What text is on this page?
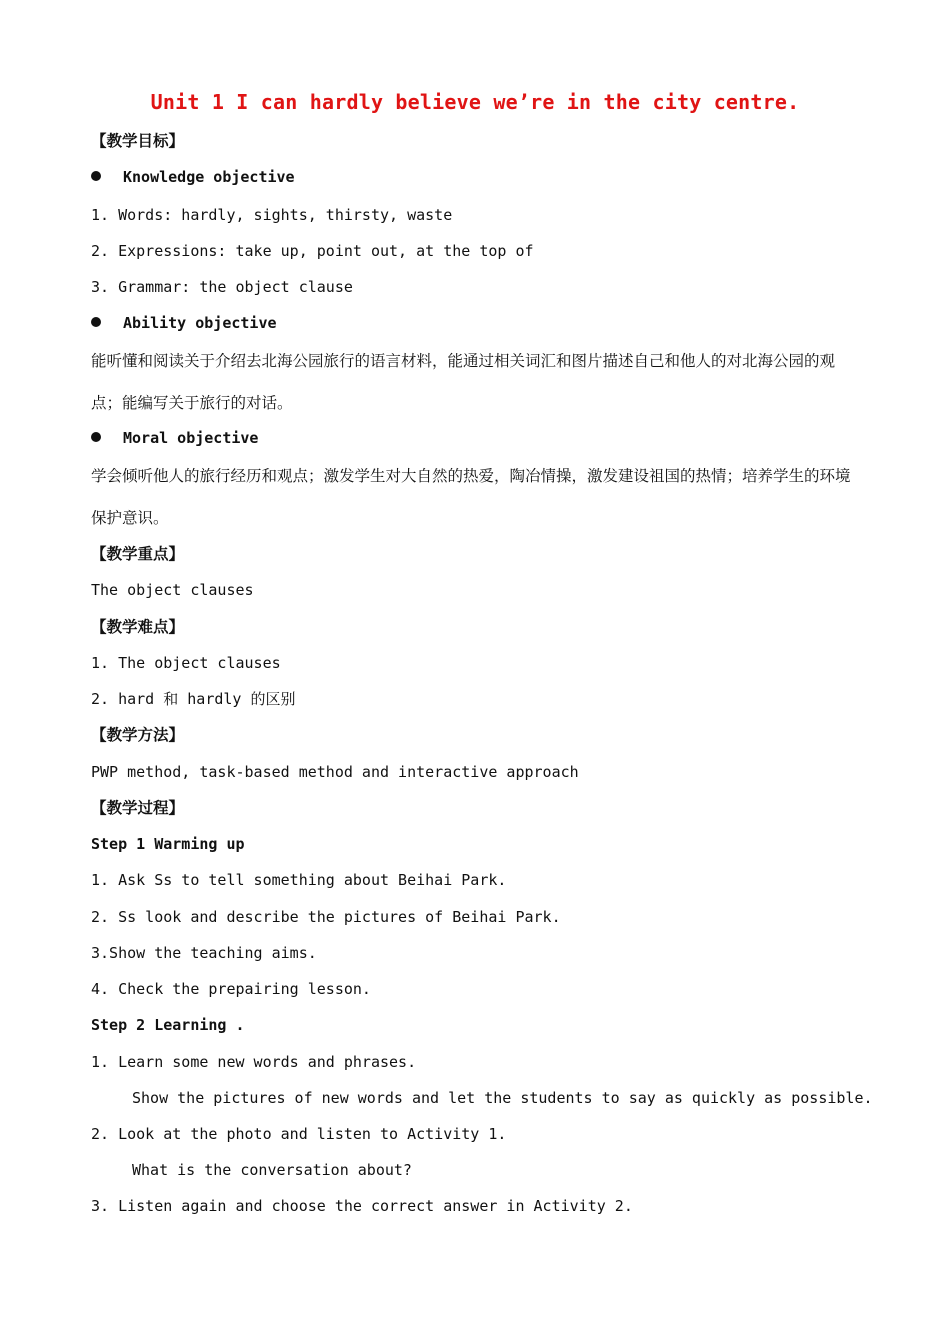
Unit 1 I can hardly believe we’re in the city centre.
【教学目标】
Knowledge objective
1. Words: hardly, sights, thirsty, waste
2. Expressions: take up, point out, at the top of
3. Grammar: the object clause
Ability objective
能听懂和阅读关于介绍去北海公园旅行的语言材料，能通过相关词汇和图片描述自己和他人的对北海公园的观点；能编写关于旅行的对话。
Moral objective
学会倾听他人的旅行经历和观点；激发学生对大自然的热爱，陶冶情操，激发建设祖国的热情；培养学生的环境保护意识。
【教学重点】
The object clauses
【教学难点】
1. The object clauses
2. hard 和 hardly 的区别
【教学方法】
PWP method, task-based method and interactive approach
【教学过程】
Step 1 Warming up
1. Ask Ss to tell something about Beihai Park.
2. Ss look and describe the pictures of Beihai Park.
3.Show the teaching aims.
4. Check the prepairing lesson.
Step 2 Learning .
1. Learn some new words and phrases.
Show the pictures of new words and let the students to say as quickly as possible.
2. Look at the photo and listen to Activity 1.
What is the conversation about?
3. Listen again and choose the correct answer in Activity 2.
